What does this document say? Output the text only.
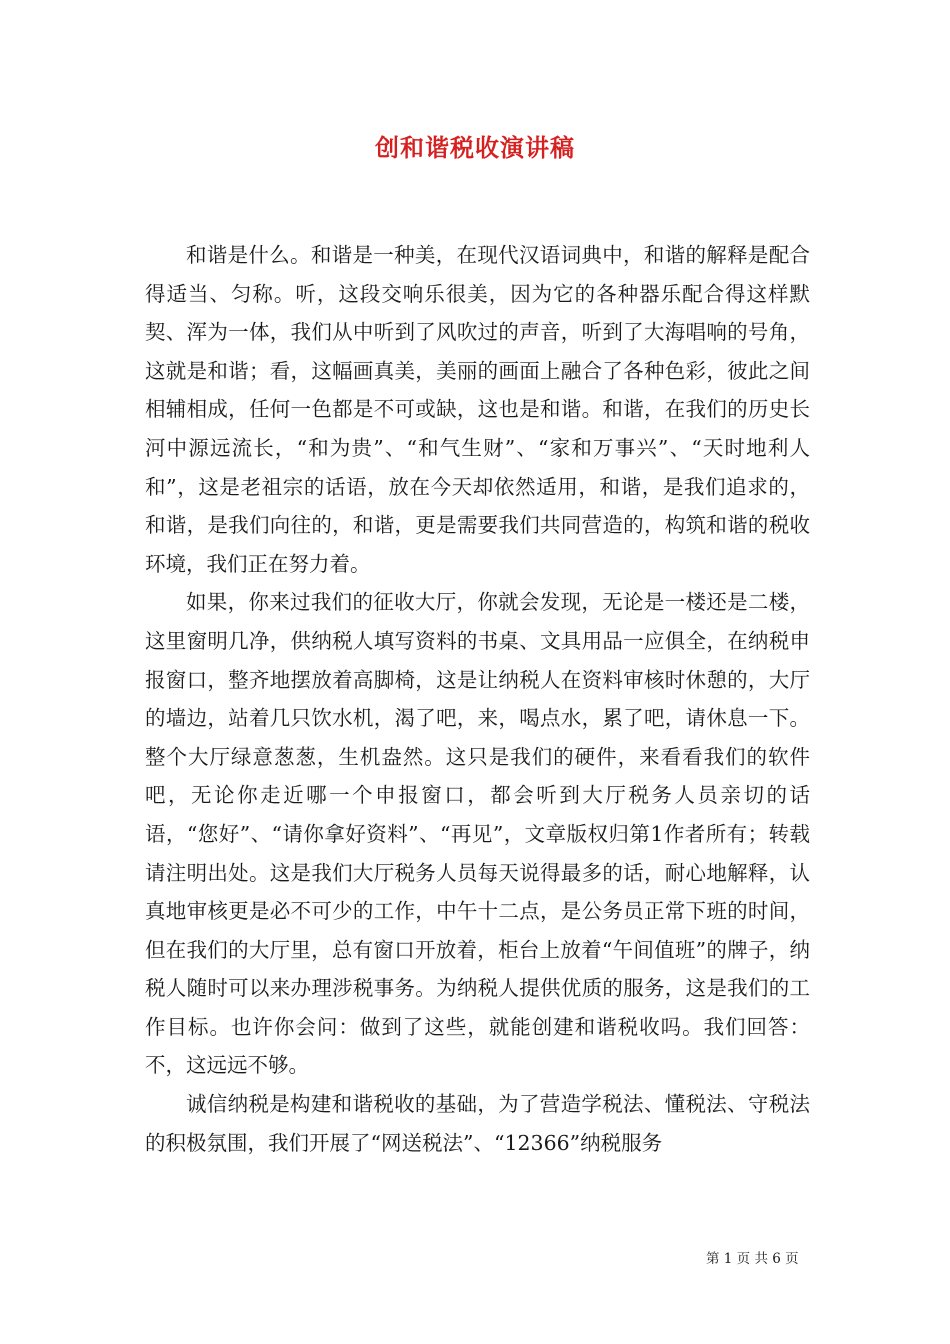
创和谐税收演讲稿

和谐是什么。和谐是一种美，在现代汉语词典中，和谐的解释是配合得适当、匀称。听，这段交响乐很美，因为它的各种器乐配合得这样默契、浑为一体，我们从中听到了风吹过的声音，听到了大海唱响的号角，这就是和谐；看，这幅画真美，美丽的画面上融合了各种色彩，彼此之间相辅相成，任何一色都是不可或缺，这也是和谐。和谐，在我们的历史长河中源远流长，“和为贵”、“和气生财”、“家和万事兴”、“天时地利人和”，这是老祖宗的话语，放在今天却依然适用，和谐，是我们追求的，和谐，是我们向往的，和谐，更是需要我们共同营造的，构筑和谐的税收环境，我们正在努力着。

如果，你来过我们的征收大厅，你就会发现，无论是一楼还是二楼，这里窗明几净，供纳税人填写资料的书桌、文具用品一应俱全，在纳税申报窗口，整齐地摆放着高脚椅，这是让纳税人在资料审核时休憩的，大厅的墙边，站着几只饮水机，渴了吧，来，喝点水，累了吧，请休息一下。整个大厅绿意葱葱，生机盎然。这只是我们的硬件，来看看我们的软件吧，无论你走近哪一个申报窗口，都会听到大厅税务人员亲切的话语，“您好”、“请你拿好资料”、“再见”，文章版权归第1作者所有；转载请注明出处。这是我们大厅税务人员每天说得最多的话，耐心地解释，认真地审核更是必不可少的工作，中午十二点，是公务员正常下班的时间，但在我们的大厅里，总有窗口开放着，柜台上放着“午间值班”的牌子，纳税人随时可以来办理涉税事务。为纳税人提供优质的服务，这是我们的工作目标。也许你会问：做到了这些，就能创建和谐税收吗。我们回答：不，这远远不够。

诚信纳税是构建和谐税收的基础，为了营造学税法、懂税法、守税法的积极氛围，我们开展了“网送税法”、“12366”纳税服务

第 1 页 共 6 页
